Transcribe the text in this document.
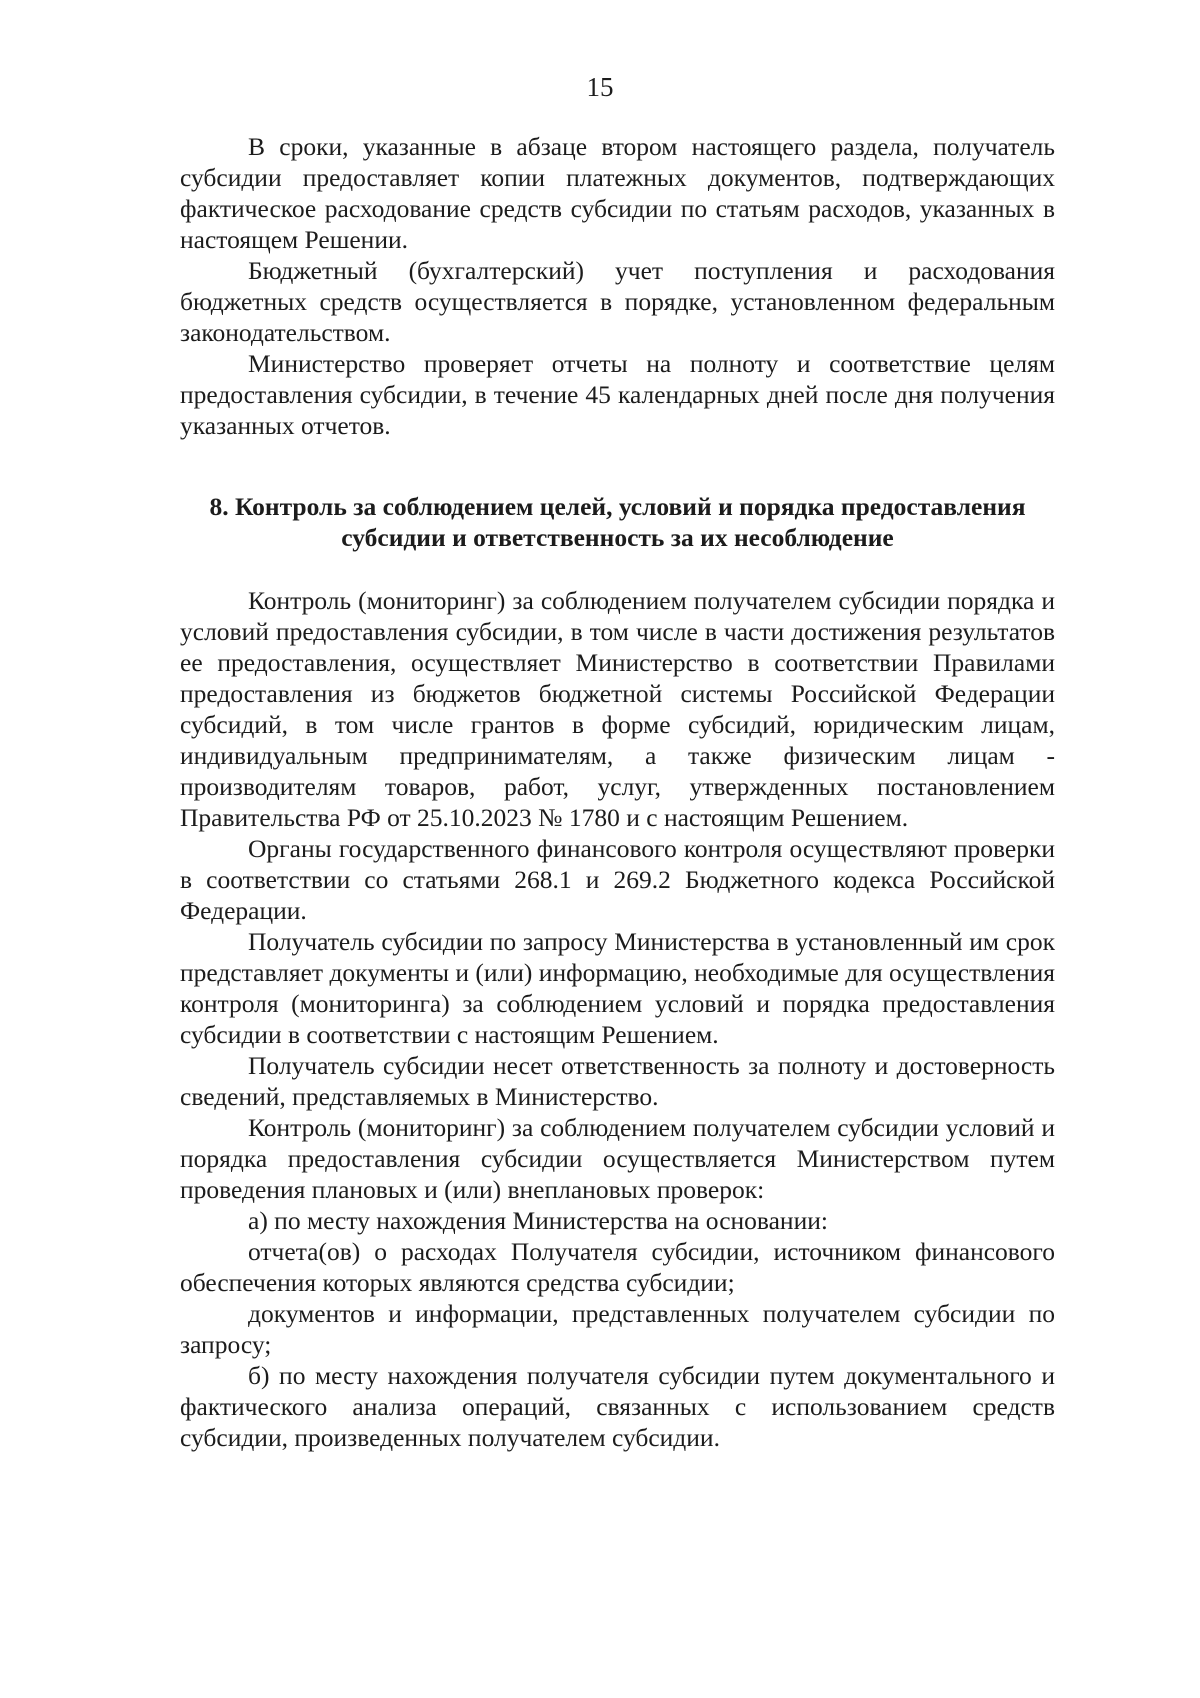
15

В сроки, указанные в абзаце втором настоящего раздела, получатель субсидии предоставляет копии платежных документов, подтверждающих фактическое расходование средств субсидии по статьям расходов, указанных в настоящем Решении.

Бюджетный (бухгалтерский) учет поступления и расходования бюджетных средств осуществляется в порядке, установленном федеральным законодательством.

Министерство проверяет отчеты на полноту и соответствие целям предоставления субсидии, в течение 45 календарных дней после дня получения указанных отчетов.

8. Контроль за соблюдением целей, условий и порядка предоставления
субсидии и ответственность за их несоблюдение

Контроль (мониторинг) за соблюдением получателем субсидии порядка и условий предоставления субсидии, в том числе в части достижения результатов ее предоставления, осуществляет Министерство в соответствии Правилами предоставления из бюджетов бюджетной системы Российской Федерации субсидий, в том числе грантов в форме субсидий, юридическим лицам, индивидуальным предпринимателям, а также физическим лицам - производителям товаров, работ, услуг, утвержденных постановлением Правительства РФ от 25.10.2023 № 1780 и с настоящим Решением.

Органы государственного финансового контроля осуществляют проверки в соответствии со статьями 268.1 и 269.2 Бюджетного кодекса Российской Федерации.

Получатель субсидии по запросу Министерства в установленный им срок представляет документы и (или) информацию, необходимые для осуществления контроля (мониторинга) за соблюдением условий и порядка предоставления субсидии в соответствии с настоящим Решением.

Получатель субсидии несет ответственность за полноту и достоверность сведений, представляемых в Министерство.

Контроль (мониторинг) за соблюдением получателем субсидии условий и порядка предоставления субсидии осуществляется Министерством путем проведения плановых и (или) внеплановых проверок:

а) по месту нахождения Министерства на основании:

отчета(ов) о расходах Получателя субсидии, источником финансового обеспечения которых являются средства субсидии;

документов и информации, представленных получателем субсидии по запросу;

б) по месту нахождения получателя субсидии путем документального и фактического анализа операций, связанных с использованием средств субсидии, произведенных получателем субсидии.
